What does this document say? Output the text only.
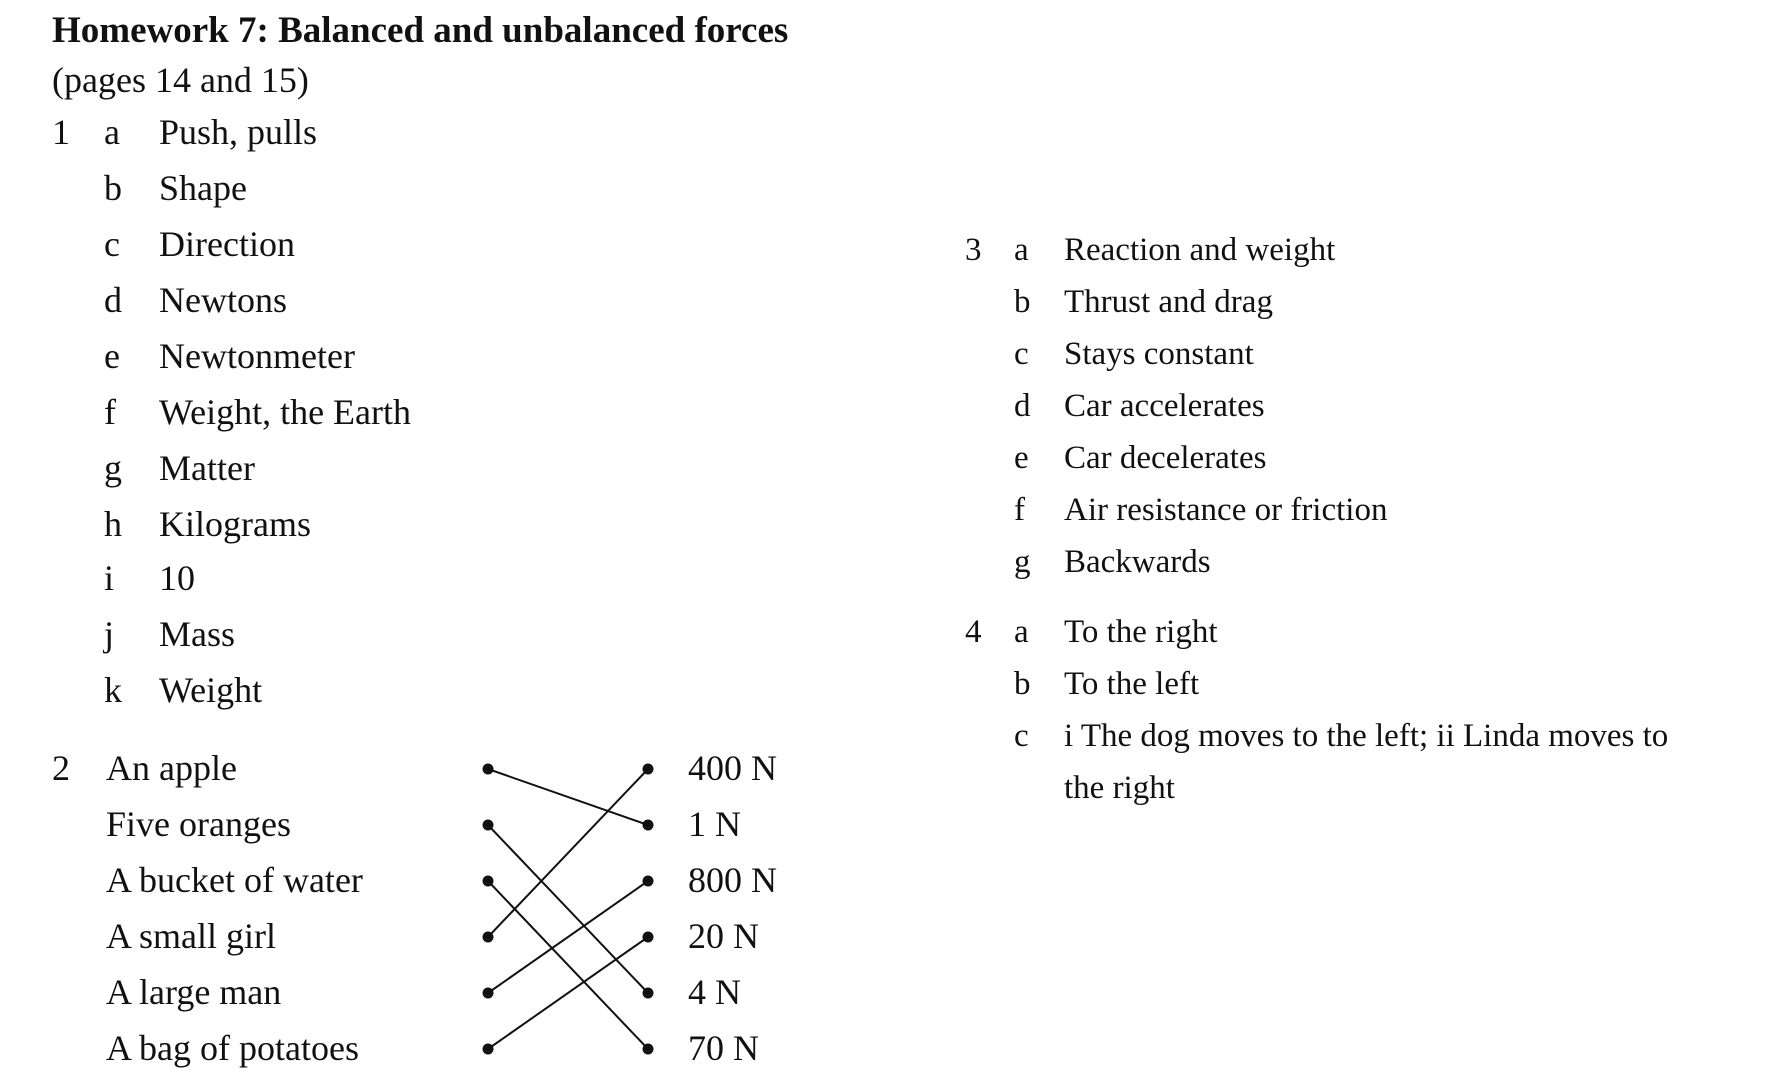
Homework 7: Balanced and unbalanced forces
(pages 14 and 15)
1 a Push, pulls
b Shape
c Direction
d Newtons
e Newtonmeter
f Weight, the Earth
g Matter
h Kilograms
i 10
j Mass
k Weight
2 An apple
Five oranges
A bucket of water
A small girl
A large man
A bag of potatoes
400 N
1 N
800 N
20 N
4 N
70 N
3 a Reaction and weight
b Thrust and drag
c Stays constant
d Car accelerates
e Car decelerates
f Air resistance or friction
g Backwards
4 a To the right
b To the left
c i The dog moves to the left; ii Linda moves to
the right
